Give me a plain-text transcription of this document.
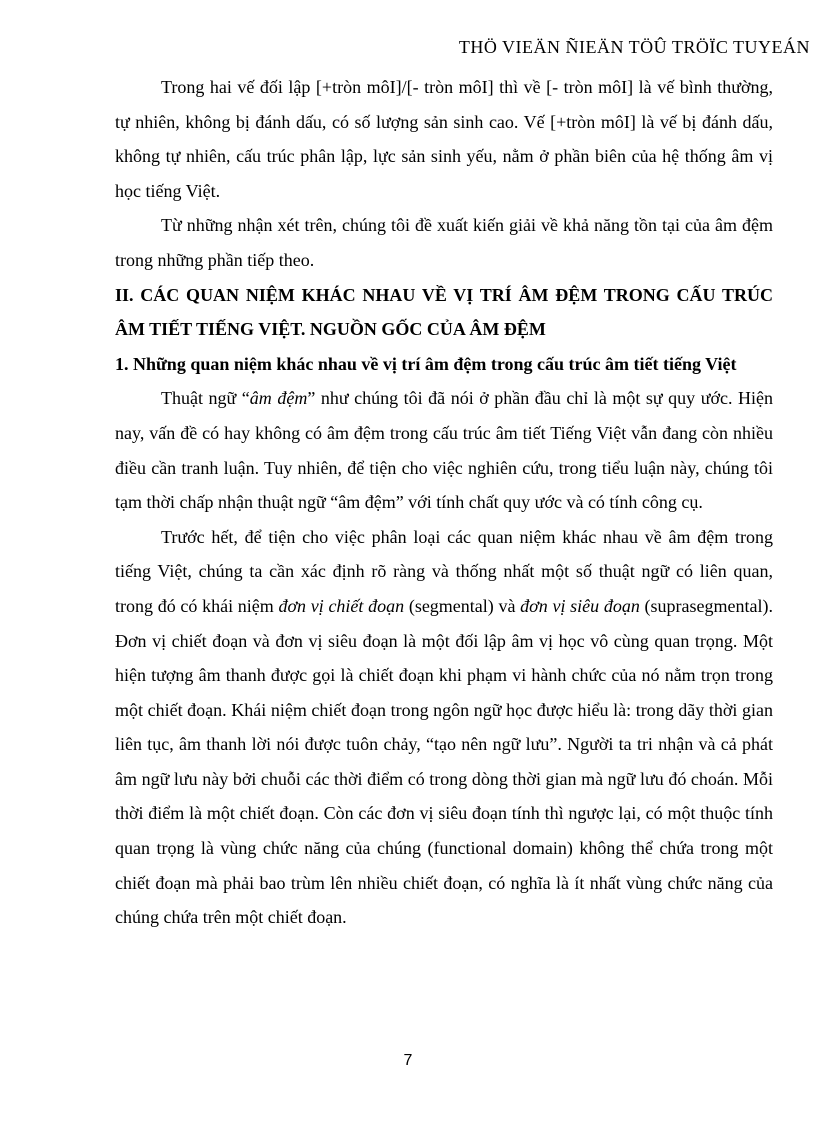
THÖ VIEÄN ÑIEÄN TÖÛ TRÖÏC TUYEÁN

Trong hai vế đối lập [+tròn môI]/[- tròn môI] thì về [- tròn môI] là vế bình thường, tự nhiên, không bị đánh dấu, có số lượng sản sinh cao. Vế [+tròn môI] là vế bị đánh dấu, không tự nhiên, cấu trúc phân lập, lực sản sinh yếu, nằm ở phần biên của hệ thống âm vị học tiếng Việt.

Từ những nhận xét trên, chúng tôi đề xuất kiến giải về khả năng tồn tại của âm đệm trong những phần tiếp theo.

II. CÁC QUAN NIỆM KHÁC NHAU VỀ VỊ TRÍ ÂM ĐỆM TRONG CẤU TRÚC ÂM TIẾT TIẾNG VIỆT. NGUỒN GỐC CỦA ÂM ĐỆM

1. Những quan niệm khác nhau về vị trí âm đệm trong cấu trúc âm tiết tiếng Việt

Thuật ngữ “âm đệm” như chúng tôi đã nói ở phần đầu chỉ là một sự quy ước. Hiện nay, vấn đề có hay không có âm đệm trong cấu trúc âm tiết Tiếng Việt vẫn đang còn nhiều điều cần tranh luận. Tuy nhiên, để tiện cho việc nghiên cứu, trong tiểu luận này, chúng tôi tạm thời chấp nhận thuật ngữ “âm đệm” với tính chất quy ước và có tính công cụ.

Trước hết, để tiện cho việc phân loại các quan niệm khác nhau về âm đệm trong tiếng Việt, chúng ta cần xác định rõ ràng và thống nhất một số thuật ngữ có liên quan, trong đó có khái niệm đơn vị chiết đoạn (segmental) và đơn vị siêu đoạn (suprasegmental). Đơn vị chiết đoạn và đơn vị siêu đoạn là một đối lập âm vị học vô cùng quan trọng. Một hiện tượng âm thanh được gọi là chiết đoạn khi phạm vi hành chức của nó nằm trọn trong một chiết đoạn. Khái niệm chiết đoạn trong ngôn ngữ học được hiểu là: trong dãy thời gian liên tục, âm thanh lời nói được tuôn chảy, “tạo nên ngữ lưu”. Người ta tri nhận và cả phát âm ngữ lưu này bởi chuỗi các thời điểm có trong dòng thời gian mà ngữ lưu đó choán. Mỗi thời điểm là một chiết đoạn. Còn các đơn vị siêu đoạn tính thì ngược lại, có một thuộc tính quan trọng là vùng chức năng của chúng (functional domain) không thể chứa trong một chiết đoạn mà phải bao trùm lên nhiều chiết đoạn, có nghĩa là ít nhất vùng chức năng của chúng chứa trên một chiết đoạn.

7
